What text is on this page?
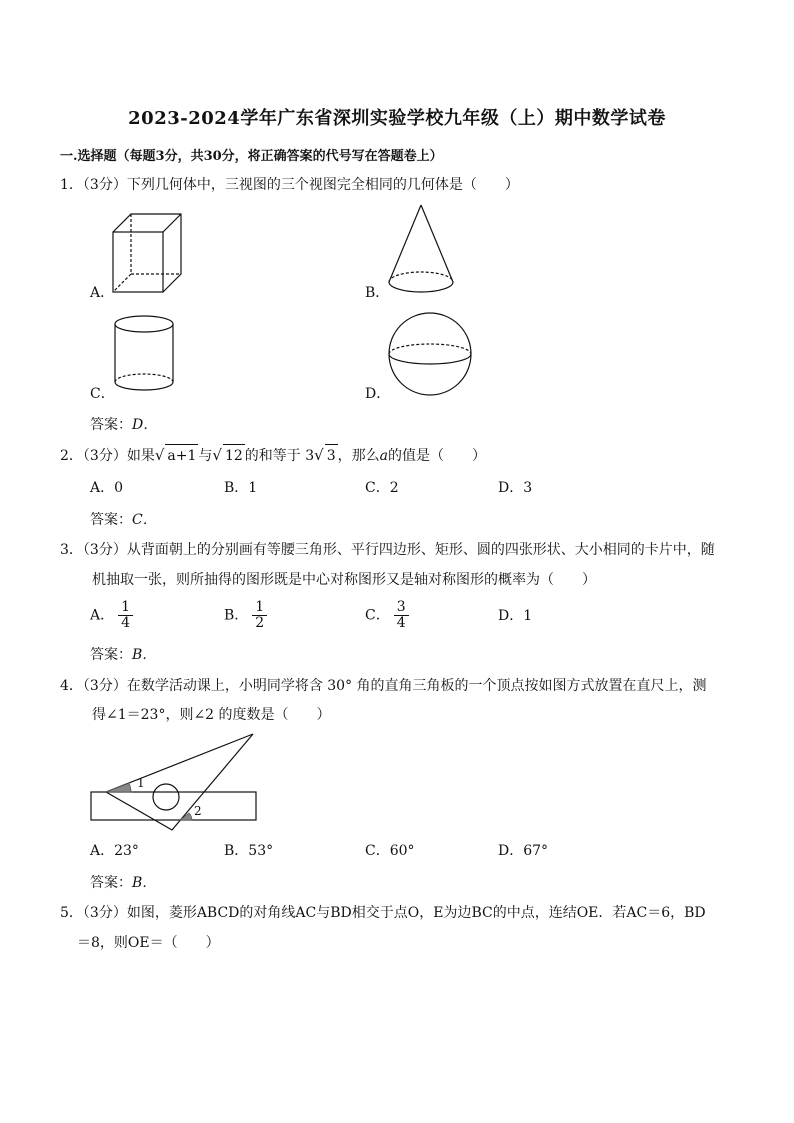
2023-2024学年广东省深圳实验学校九年级（上）期中数学试卷
一.选择题（每题3分，共30分，将正确答案的代号写在答题卷上）
1．（3分）下列几何体中，三视图的三个视图完全相同的几何体是（　　）
A．	B．
C．	D．
答案：D．
2．（3分）如果√ a+1 与√ 12 的和等于 3√ 3 ，那么a的值是（　　）
A．0	B．1	C．2	D．3
答案：C．
3．（3分）从背面朝上的分别画有等腰三角形、平行四边形、矩形、圆的四张形状、大小相同的卡片中，随
机抽取一张，则所抽得的图形既是中心对称图形又是轴对称图形的概率为（　　）
A． $\frac{1}{4}$	B． $\frac{1}{2}$	C． $\frac{3}{4}$	D．1
答案：B．
4．（3分）在数学活动课上，小明同学将含 30° 角的直角三角板的一个顶点按如图方式放置在直尺上，测
得∠1＝23°，则∠2 的度数是（　　）
1
2
A．23°	B．53°	C．60°	D．67°
答案：B．
5．（3分）如图，菱形ABCD的对角线AC与BD相交于点O，E为边BC的中点，连结OE．若AC＝6，BD
＝8，则OE＝（　　）
